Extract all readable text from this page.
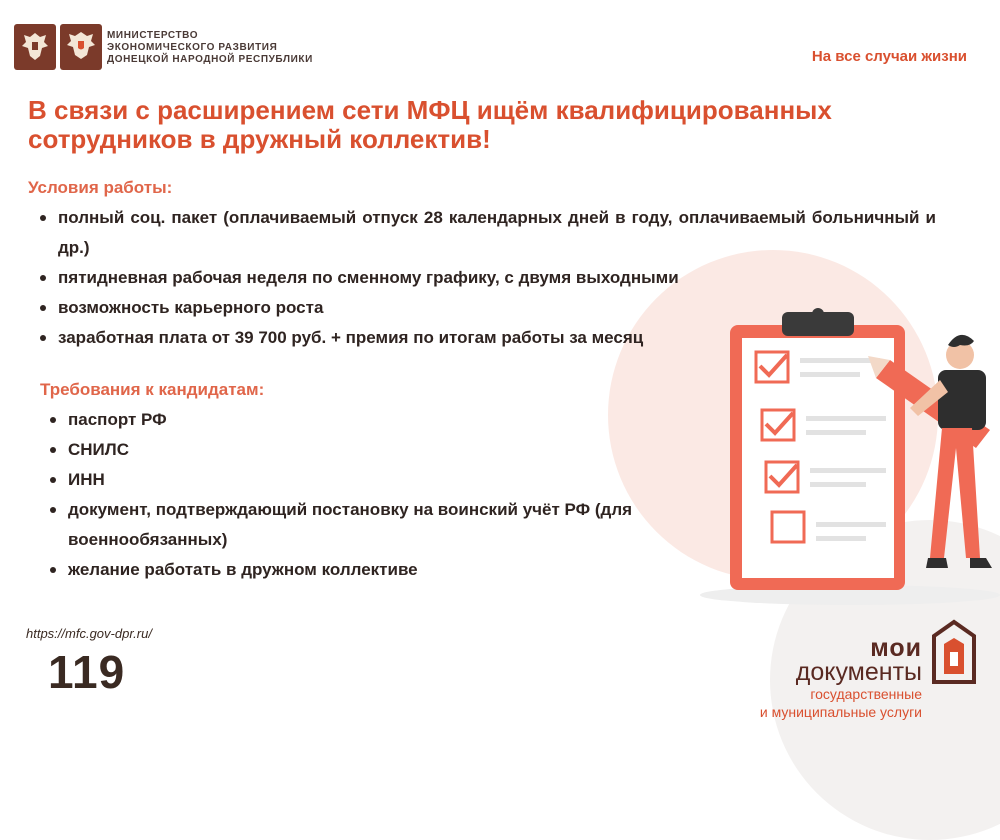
МИНИСТЕРСТВО
ЭКОНОМИЧЕСКОГО РАЗВИТИЯ
ДОНЕЦКОЙ НАРОДНОЙ РЕСПУБЛИКИ	На все случаи жизни
В связи с расширением сети МФЦ ищём квалифицированных сотрудников в дружный коллектив!
Условия работы:
полный соц. пакет (оплачиваемый отпуск 28 календарных дней в году, оплачиваемый больничный и др.)
пятидневная рабочая неделя по сменному графику, с двумя выходными
возможность карьерного роста
заработная плата от 39 700 руб. + премия по итогам работы за месяц
Требования к кандидатам:
паспорт РФ
СНИЛС
ИНН
документ, подтверждающий постановку на воинский учёт РФ (для военнообязанных)
желание работать в дружном коллективе
https://mfc.gov-dpr.ru/
119	мои
документы
государственные
и муниципальные услуги
